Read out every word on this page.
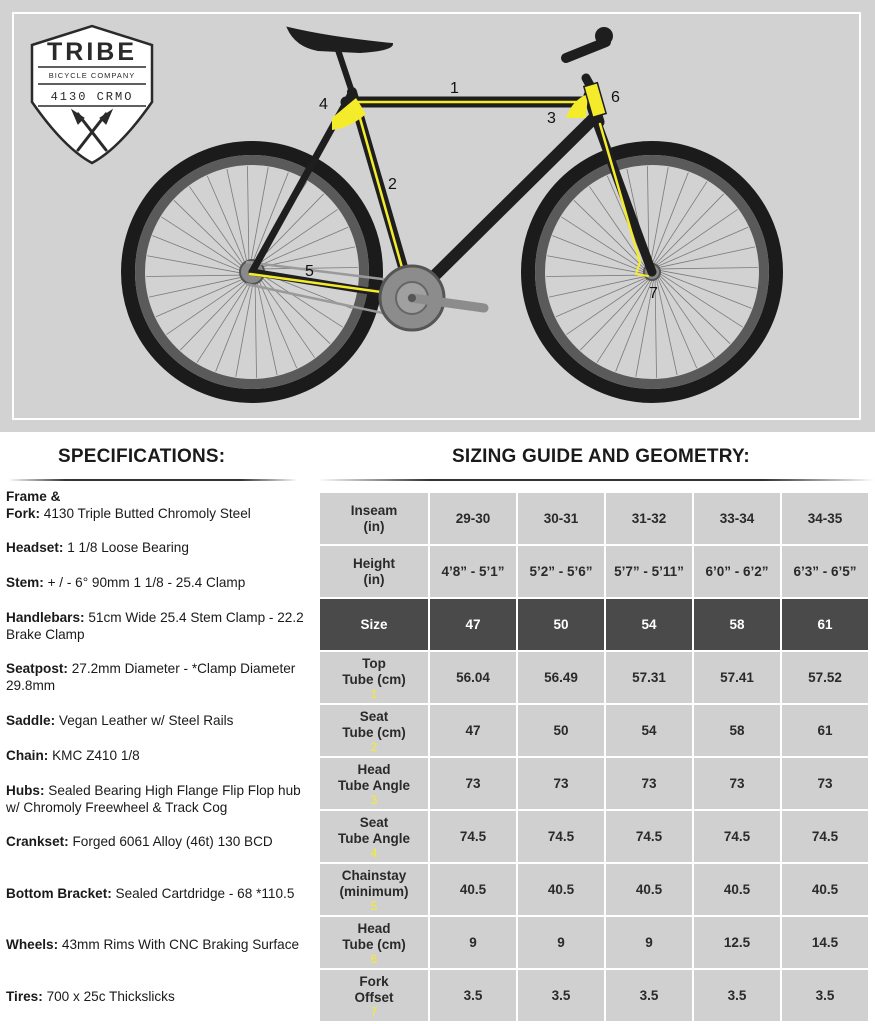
TRIBE
BICYCLE COMPANY
4130 CRMO	1
2
3
4
5
6
7
SPECIFICATIONS:	SIZING GUIDE AND GEOMETRY:
Frame &
Fork: 4130 Triple Butted Chromoly Steel
Headset: 1 1/8 Loose Bearing
Stem: + / - 6° 90mm 1 1/8 - 25.4 Clamp
Handlebars: 51cm Wide 25.4 Stem Clamp - 22.2 Brake Clamp
Seatpost: 27.2mm Diameter - *Clamp Diameter 29.8mm
Saddle: Vegan Leather w/ Steel Rails
Chain: KMC Z410 1/8
Hubs: Sealed Bearing High Flange Flip Flop hub w/ Chromoly Freewheel & Track Cog
Crankset: Forged 6061 Alloy (46t) 130 BCD
Bottom Bracket: Sealed Cartdridge - 68 *110.5
Wheels: 43mm Rims With CNC Braking Surface
Tires: 700 x 25c Thickslicks
Inseam
(in)	29-30	30-31	31-32	33-34	34-35
Height
(in)	4’8” - 5’1”	5’2” - 5’6”	5’7” - 5’11”	6’0” - 6’2”	6’3” - 6’5”
Size	47	50	54	58	61
Top
Tube (cm)
1	56.04	56.49	57.31	57.41	57.52
Seat
Tube (cm)
2	47	50	54	58	61
Head
Tube Angle
3	73	73	73	73	73
Seat
Tube Angle
4	74.5	74.5	74.5	74.5	74.5
Chainstay
(minimum)
5	40.5	40.5	40.5	40.5	40.5
Head
Tube (cm)
6	9	9	9	12.5	14.5
Fork
Offset
7	3.5	3.5	3.5	3.5	3.5
